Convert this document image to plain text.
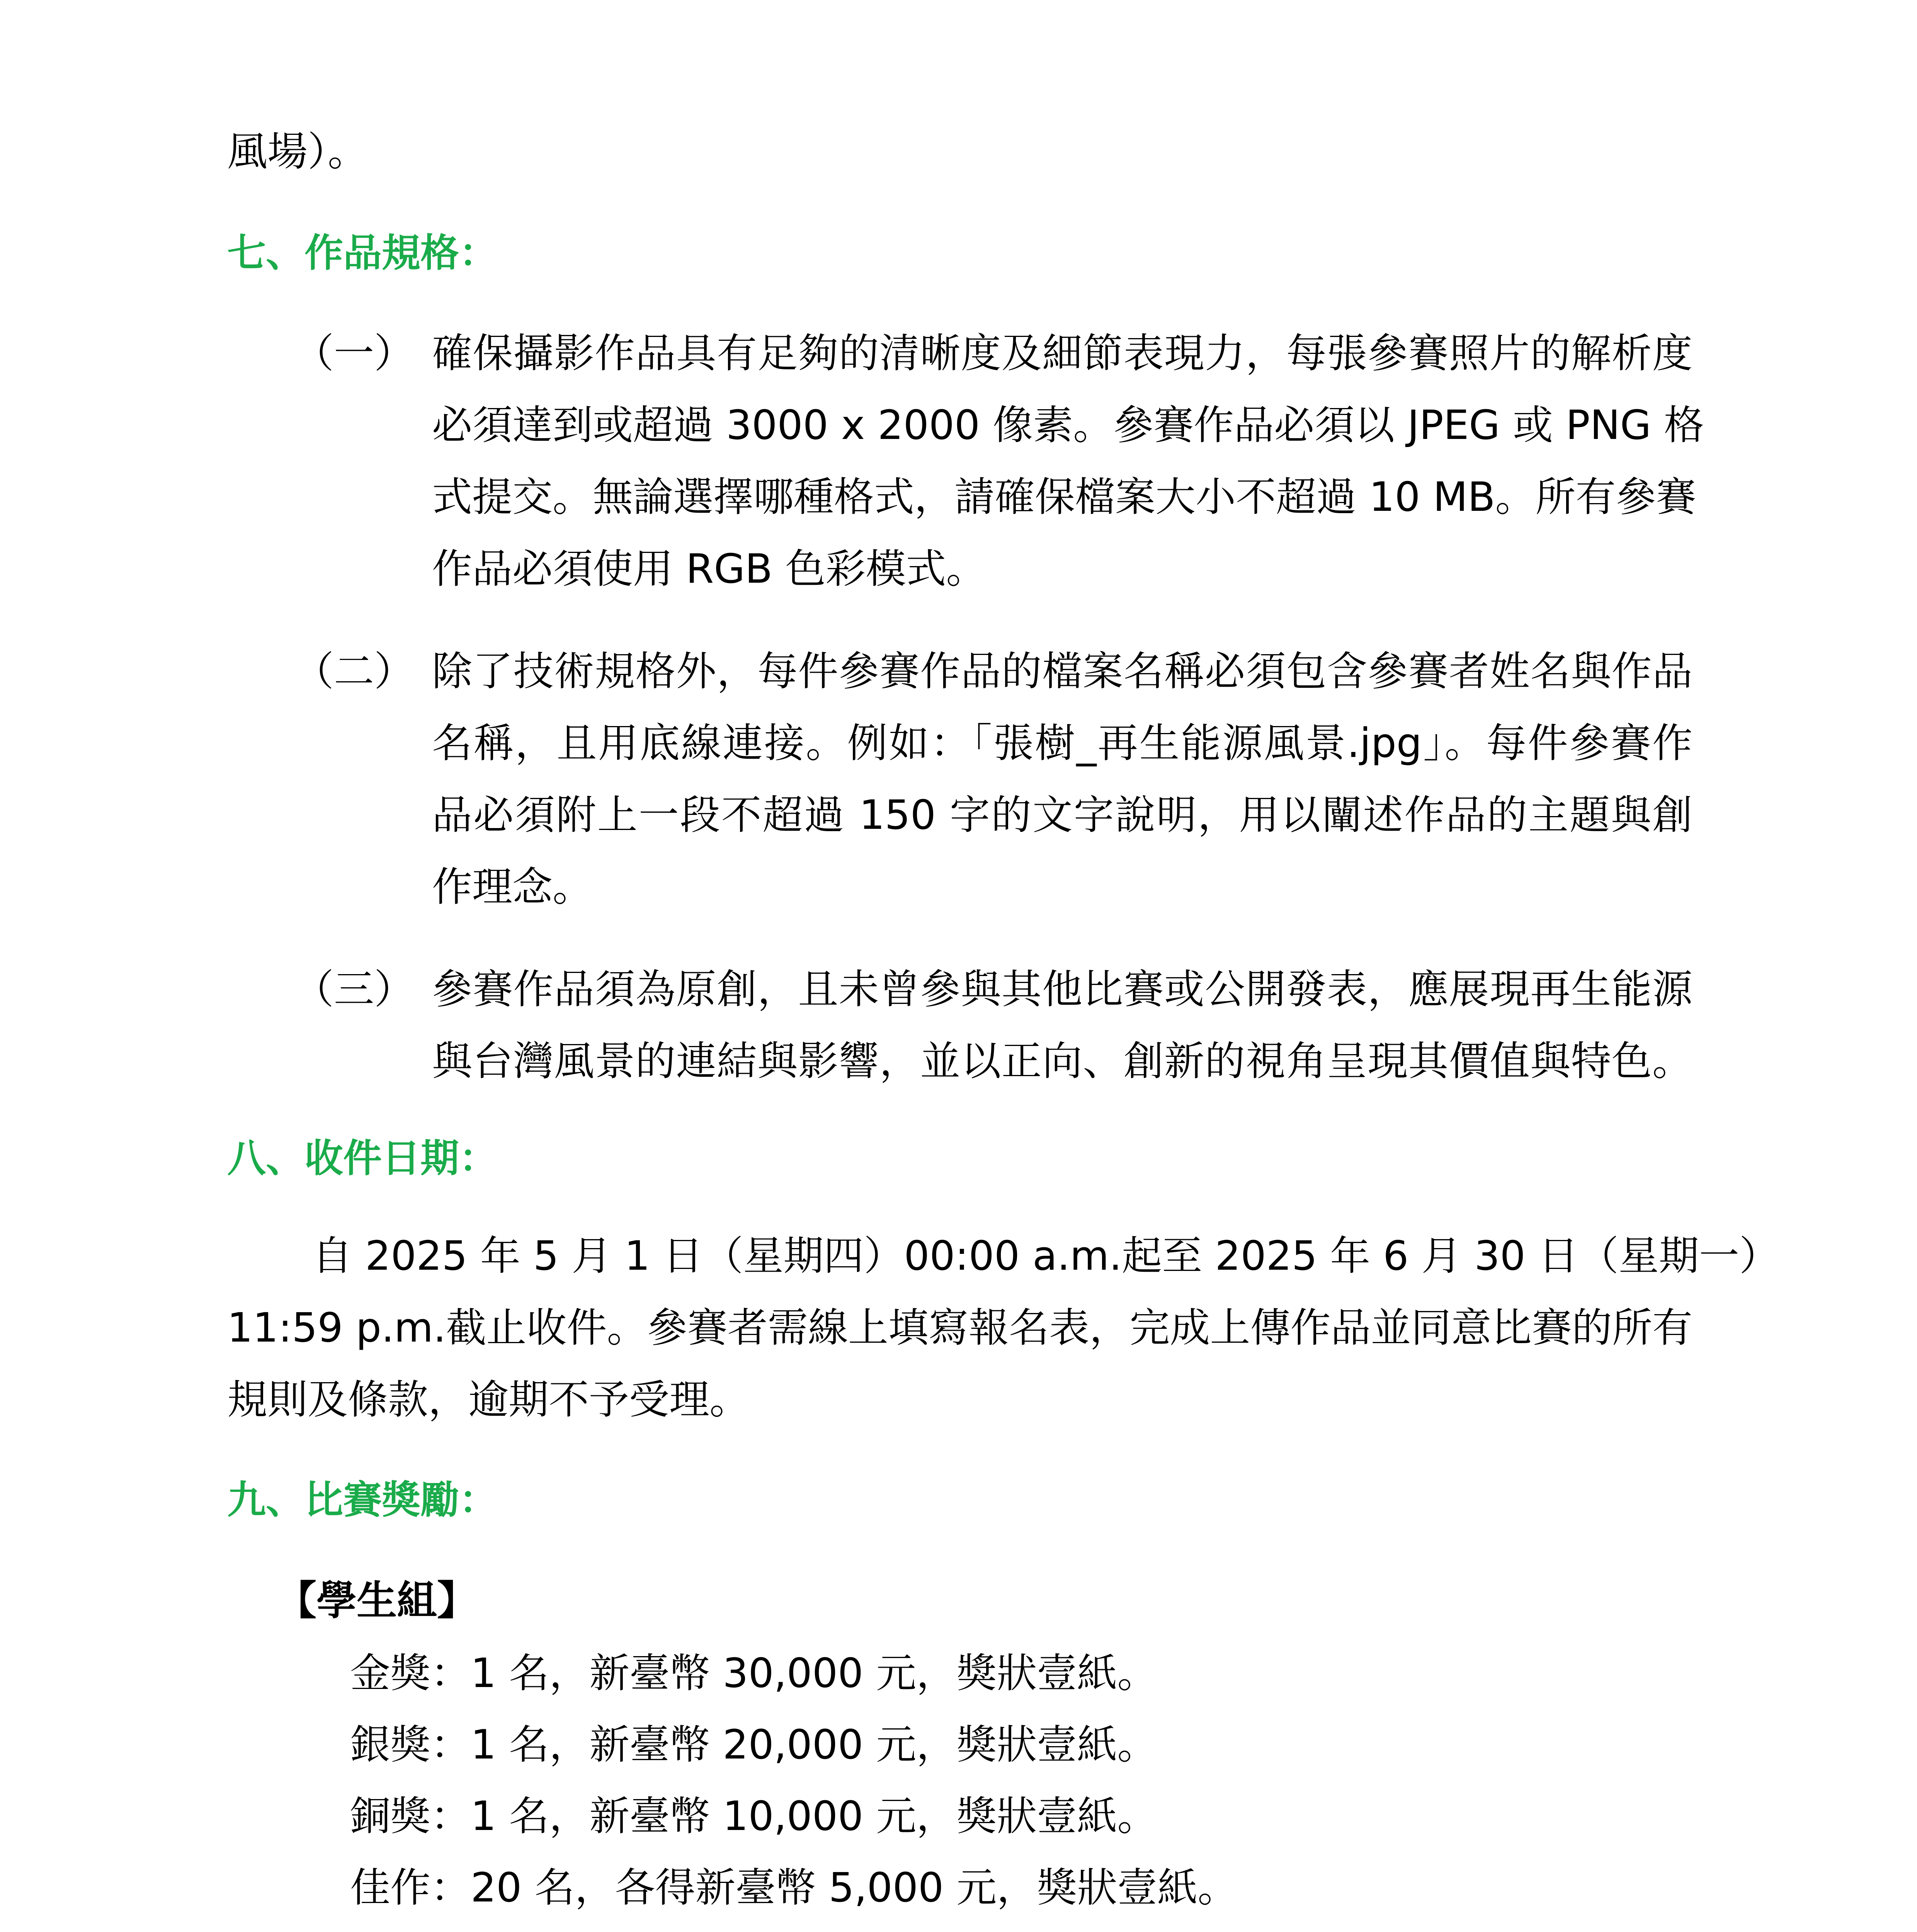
風場）。
七、作品規格：
（一） 確保攝影作品具有足夠的清晰度及細節表現力，每張參賽照片的解析度
必須達到或超過 3000 x 2000 像素。參賽作品必須以 JPEG 或 PNG 格
式提交。無論選擇哪種格式，請確保檔案大小不超過 10 MB。所有參賽
作品必須使用 RGB 色彩模式。
（二） 除了技術規格外，每件參賽作品的檔案名稱必須包含參賽者姓名與作品
名稱，且用底線連接。例如：「張樹_再生能源風景.jpg」。每件參賽作
品必須附上一段不超過 150 字的文字說明，用以闡述作品的主題與創
作理念。
（三） 參賽作品須為原創，且未曾參與其他比賽或公開發表，應展現再生能源
與台灣風景的連結與影響，並以正向、創新的視角呈現其價值與特色。
八、收件日期：
自 2025 年 5 月 1 日（星期四）00:00 a.m.起至 2025 年 6 月 30 日（星期一）
11:59 p.m.截止收件。參賽者需線上填寫報名表，完成上傳作品並同意比賽的所有
規則及條款，逾期不予受理。
九、比賽獎勵：
【學生組】
金獎：1 名，新臺幣 30,000 元，獎狀壹紙。
銀獎：1 名，新臺幣 20,000 元，獎狀壹紙。
銅獎：1 名，新臺幣 10,000 元，獎狀壹紙。
佳作：20 名，各得新臺幣 5,000 元，獎狀壹紙。
